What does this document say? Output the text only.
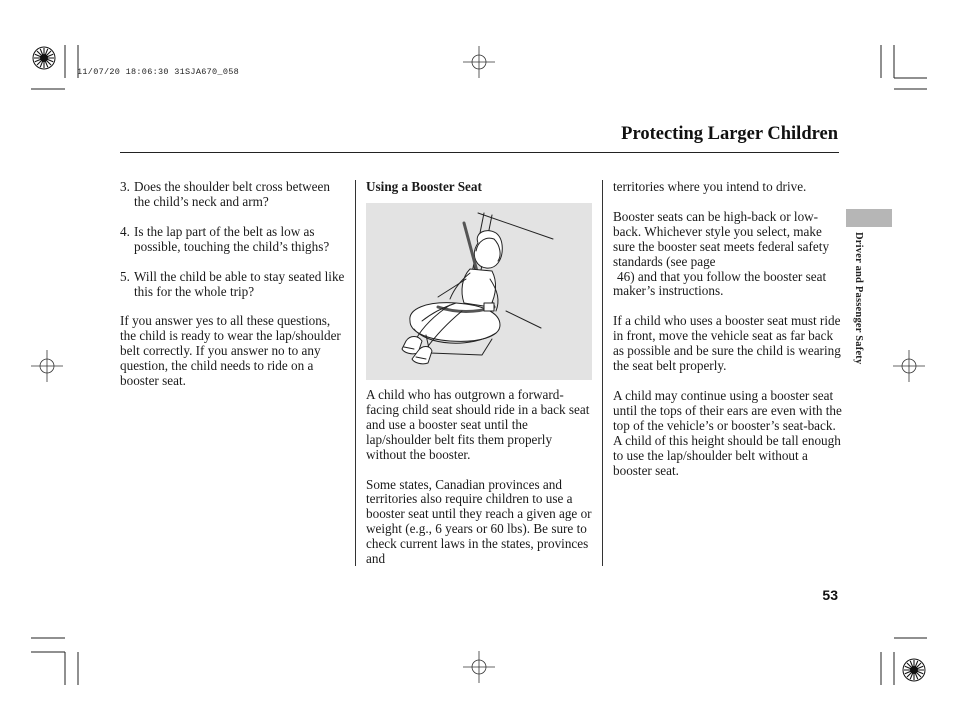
11/07/20 18:06:30 31SJA670_058
Protecting Larger Children
3. Does the shoulder belt cross between the child’s neck and arm?
4. Is the lap part of the belt as low as possible, touching the child’s thighs?
5. Will the child be able to stay seated like this for the whole trip?

If you answer yes to all these questions, the child is ready to wear the lap/shoulder belt correctly. If you answer no to any question, the child needs to ride on a booster seat.

Using a Booster Seat

A child who has outgrown a forward-facing child seat should ride in a back seat and use a booster seat until the lap/shoulder belt fits them properly without the booster.

Some states, Canadian provinces and territories also require children to use a booster seat until they reach a given age or weight (e.g., 6 years or 60 lbs). Be sure to check current laws in the states, provinces and

territories where you intend to drive.

Booster seats can be high-back or low-back. Whichever style you select, make sure the booster seat meets federal safety standards (see page
46) and that you follow the booster seat maker’s instructions.

If a child who uses a booster seat must ride in front, move the vehicle seat as far back as possible and be sure the child is wearing the seat belt properly.

A child may continue using a booster seat until the tops of their ears are even with the top of the vehicle’s or booster’s seat-back. A child of this height should be tall enough to use the lap/shoulder belt without a booster seat.

Driver and Passenger Safety
53
